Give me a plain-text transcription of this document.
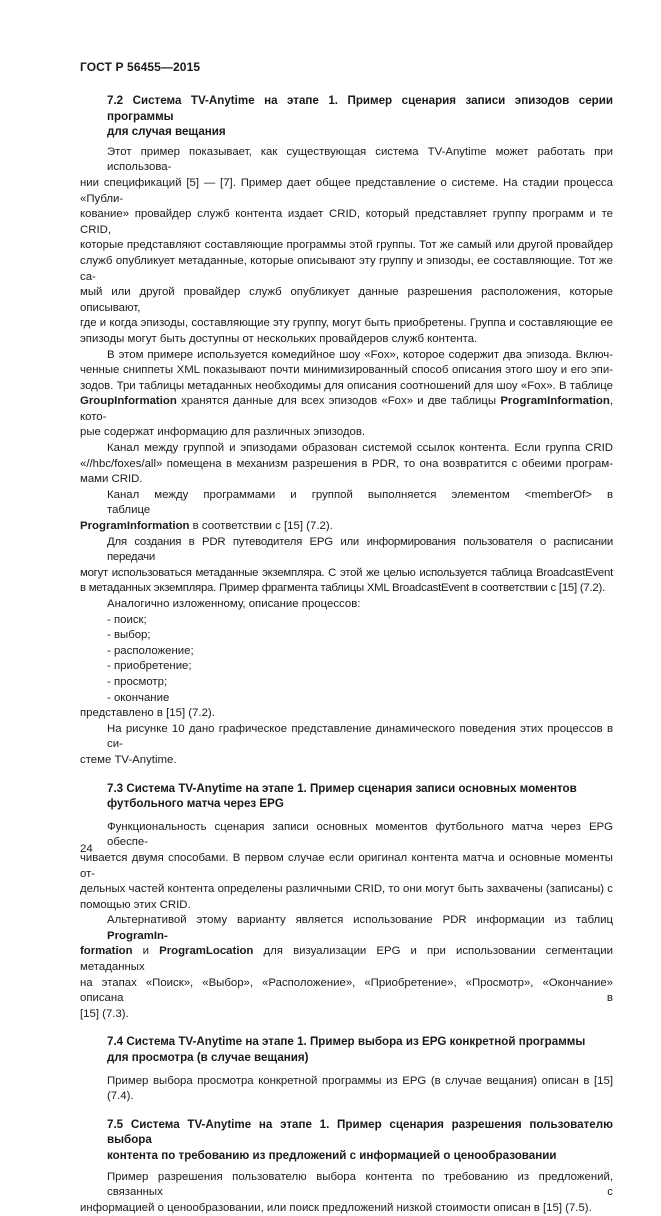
ГОСТ Р 56455—2015
7.2 Система TV-Anytime на этапе 1. Пример сценария записи эпизодов серии программы
для случая вещания
Этот пример показывает, как существующая система TV-Anytime может работать при использова-
нии спецификаций [5] — [7]. Пример дает общее представление о системе. На стадии процесса «Публи-
кование» провайдер служб контента издает CRID, который представляет группу программ и те CRID,
которые представляют составляющие программы этой группы. Тот же самый или другой провайдер
служб опубликует метаданные, которые описывают эту группу и эпизоды, ее составляющие. Тот же са-
мый или другой провайдер служб опубликует данные разрешения расположения, которые описывают,
где и когда эпизоды, составляющие эту группу, могут быть приобретены. Группа и составляющие ее
эпизоды могут быть доступны от нескольких провайдеров служб контента.
В этом примере используется комедийное шоу «Fox», которое содержит два эпизода. Включ-
ченные сниппеты XML показывают почти минимизированный способ описания этого шоу и его эпи-
зодов. Три таблицы метаданных необходимы для описания соотношений для шоу «Fox». В таблице
GroupInformation хранятся данные для всех эпизодов «Fox» и две таблицы ProgramInformation, кото-
рые содержат информацию для различных эпизодов.
Канал между группой и эпизодами образован системой ссылок контента. Если группа CRID
«//hbc/foxes/all» помещена в механизм разрешения в PDR, то она возвратится с обеими програм-
мами CRID.
Канал между программами и группой выполняется элементом <memberOf> в таблице
ProgramInformation в соответствии с [15] (7.2).
Для создания в PDR путеводителя EPG или информирования пользователя о расписании передачи
могут использоваться метаданные экземпляра. С этой же целью используется таблица BroadcastEvent
в метаданных экземпляра. Пример фрагмента таблицы XML BroadcastEvent в соответствии с [15] (7.2).
Аналогично изложенному, описание процессов:
- поиск;
- выбор;
- расположение;
- приобретение;
- просмотр;
- окончание
представлено в [15] (7.2).
На рисунке 10 дано графическое представление динамического поведения этих процессов в си-
стеме TV-Anytime.
7.3 Система TV-Anytime на этапе 1. Пример сценария записи основных моментов
футбольного матча через EPG
Функциональность сценария записи основных моментов футбольного матча через EPG обеспе-
чивается двумя способами. В первом случае если оригинал контента матча и основные моменты от-
дельных частей контента определены различными CRID, то они могут быть захвачены (записаны) с
помощью этих CRID.
Альтернативой этому варианту является использование PDR информации из таблиц ProgramIn-
formation и ProgramLocation для визуализации EPG и при использовании сегментации метаданных
на этапах «Поиск», «Выбор», «Расположение», «Приобретение», «Просмотр», «Окончание» описана в
[15] (7.3).
7.4 Система TV-Anytime на этапе 1. Пример выбора из EPG конкретной программы
для просмотра (в случае вещания)
Пример выбора просмотра конкретной программы из EPG (в случае вещания) описан в [15] (7.4).
7.5 Система TV-Anytime на этапе 1. Пример сценария разрешения пользователю выбора
контента по требованию из предложений с информацией о ценообразовании
Пример разрешения пользователю выбора контента по требованию из предложений, связанных с
информацией о ценообразовании, или поиск предложений низкой стоимости описан в [15] (7.5).
24
